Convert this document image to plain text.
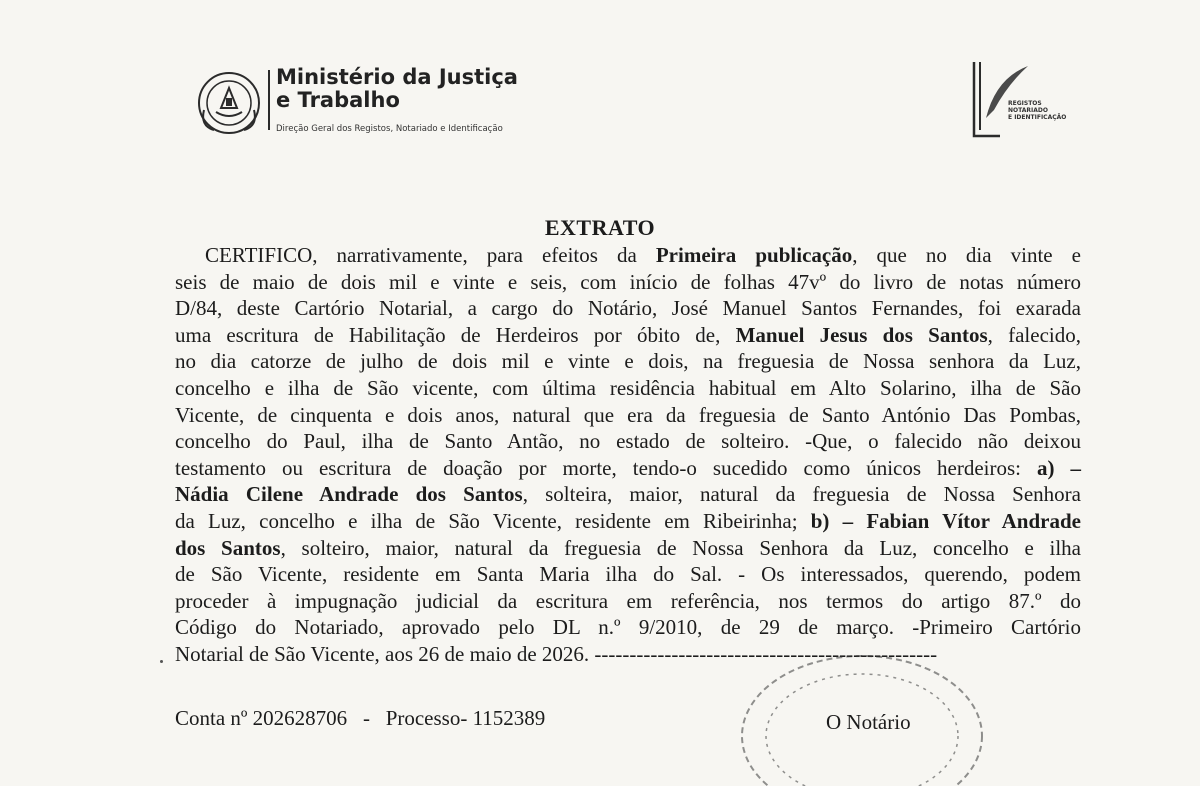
Ministério da Justiça e Trabalho
Direção Geral dos Registos, Notariado e Identificação
REGISTOS
NOTARIADO
E IDENTIFICAÇÃO
EXTRATO
CERTIFICO, narrativamente, para efeitos da Primeira publicação, que no dia vinte e
seis de maio de dois mil e vinte e seis, com início de folhas 47vº do livro de notas número
D/84, deste Cartório Notarial, a cargo do Notário, José Manuel Santos Fernandes, foi exarada
uma escritura de Habilitação de Herdeiros por óbito de, Manuel Jesus dos Santos, falecido,
no dia catorze de julho de dois mil e vinte e dois, na freguesia de Nossa senhora da Luz,
concelho e ilha de São vicente, com última residência habitual em Alto Solarino, ilha de São
Vicente, de cinquenta e dois anos, natural que era da freguesia de Santo António Das Pombas,
concelho do Paul, ilha de Santo Antão, no estado de solteiro. -Que, o falecido não deixou
testamento ou escritura de doação por morte, tendo-o sucedido como únicos herdeiros: a) –
Nádia Cilene Andrade dos Santos, solteira, maior, natural da freguesia de Nossa Senhora
da Luz, concelho e ilha de São Vicente, residente em Ribeirinha; b) – Fabian Vítor Andrade
dos Santos, solteiro, maior, natural da freguesia de Nossa Senhora da Luz, concelho e ilha
de São Vicente, residente em Santa Maria ilha do Sal. - Os interessados, querendo, podem
proceder à impugnação judicial da escritura em referência, nos termos do artigo 87.º do
Código do Notariado, aprovado pelo DL n.º 9/2010, de 29 de março. -Primeiro Cartório
Notarial de São Vicente, aos 26 de maio de 2026. -------------------------------------------------
Conta nº 202628706 - Processo- 1152389	O Notário
